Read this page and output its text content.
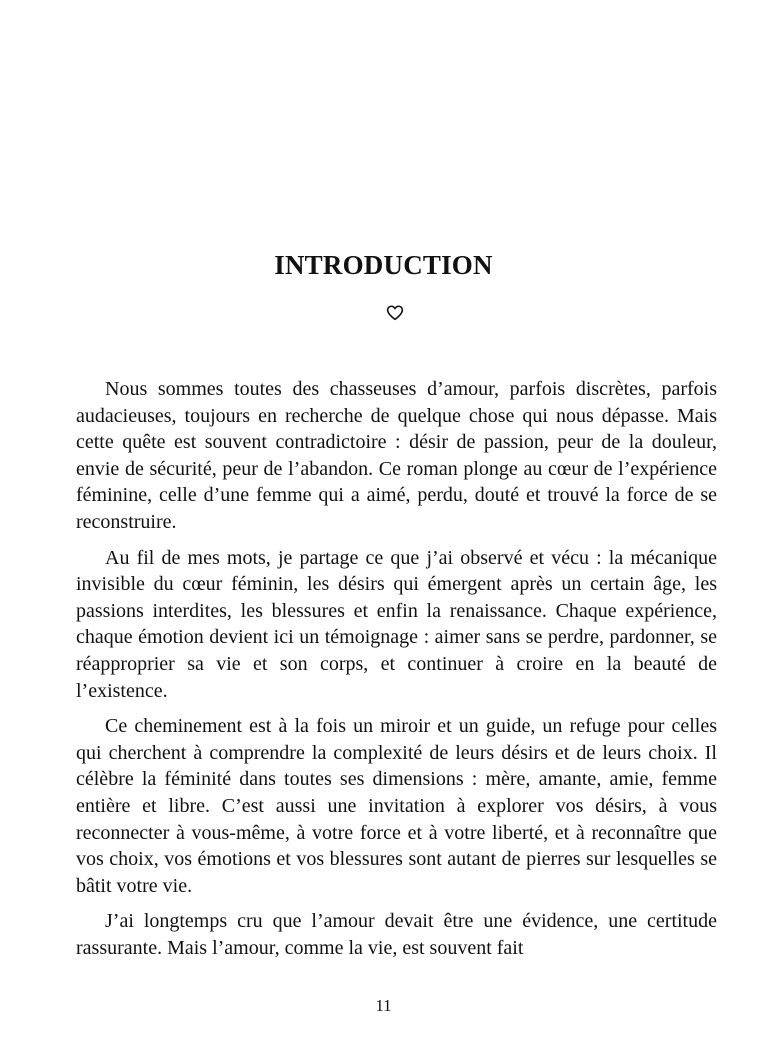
INTRODUCTION

Nous sommes toutes des chasseuses d’amour, parfois discrètes, parfois audacieuses, toujours en recherche de quelque chose qui nous dépasse. Mais cette quête est souvent contradictoire : désir de passion, peur de la douleur, envie de sécurité, peur de l’abandon. Ce roman plonge au cœur de l’expérience féminine, celle d’une femme qui a aimé, perdu, douté et trouvé la force de se reconstruire.

Au fil de mes mots, je partage ce que j’ai observé et vécu : la mécanique invisible du cœur féminin, les désirs qui émergent après un certain âge, les passions interdites, les blessures et enfin la renaissance. Chaque expérience, chaque émotion devient ici un témoignage : aimer sans se perdre, pardonner, se réapproprier sa vie et son corps, et continuer à croire en la beauté de l’existence.

Ce cheminement est à la fois un miroir et un guide, un refuge pour celles qui cherchent à comprendre la complexité de leurs désirs et de leurs choix. Il célèbre la féminité dans toutes ses dimensions : mère, amante, amie, femme entière et libre. C’est aussi une invitation à explorer vos désirs, à vous reconnecter à vous-même, à votre force et à votre liberté, et à reconnaître que vos choix, vos émotions et vos blessures sont autant de pierres sur lesquelles se bâtit votre vie.

J’ai longtemps cru que l’amour devait être une évidence, une certitude rassurante. Mais l’amour, comme la vie, est souvent fait

11
